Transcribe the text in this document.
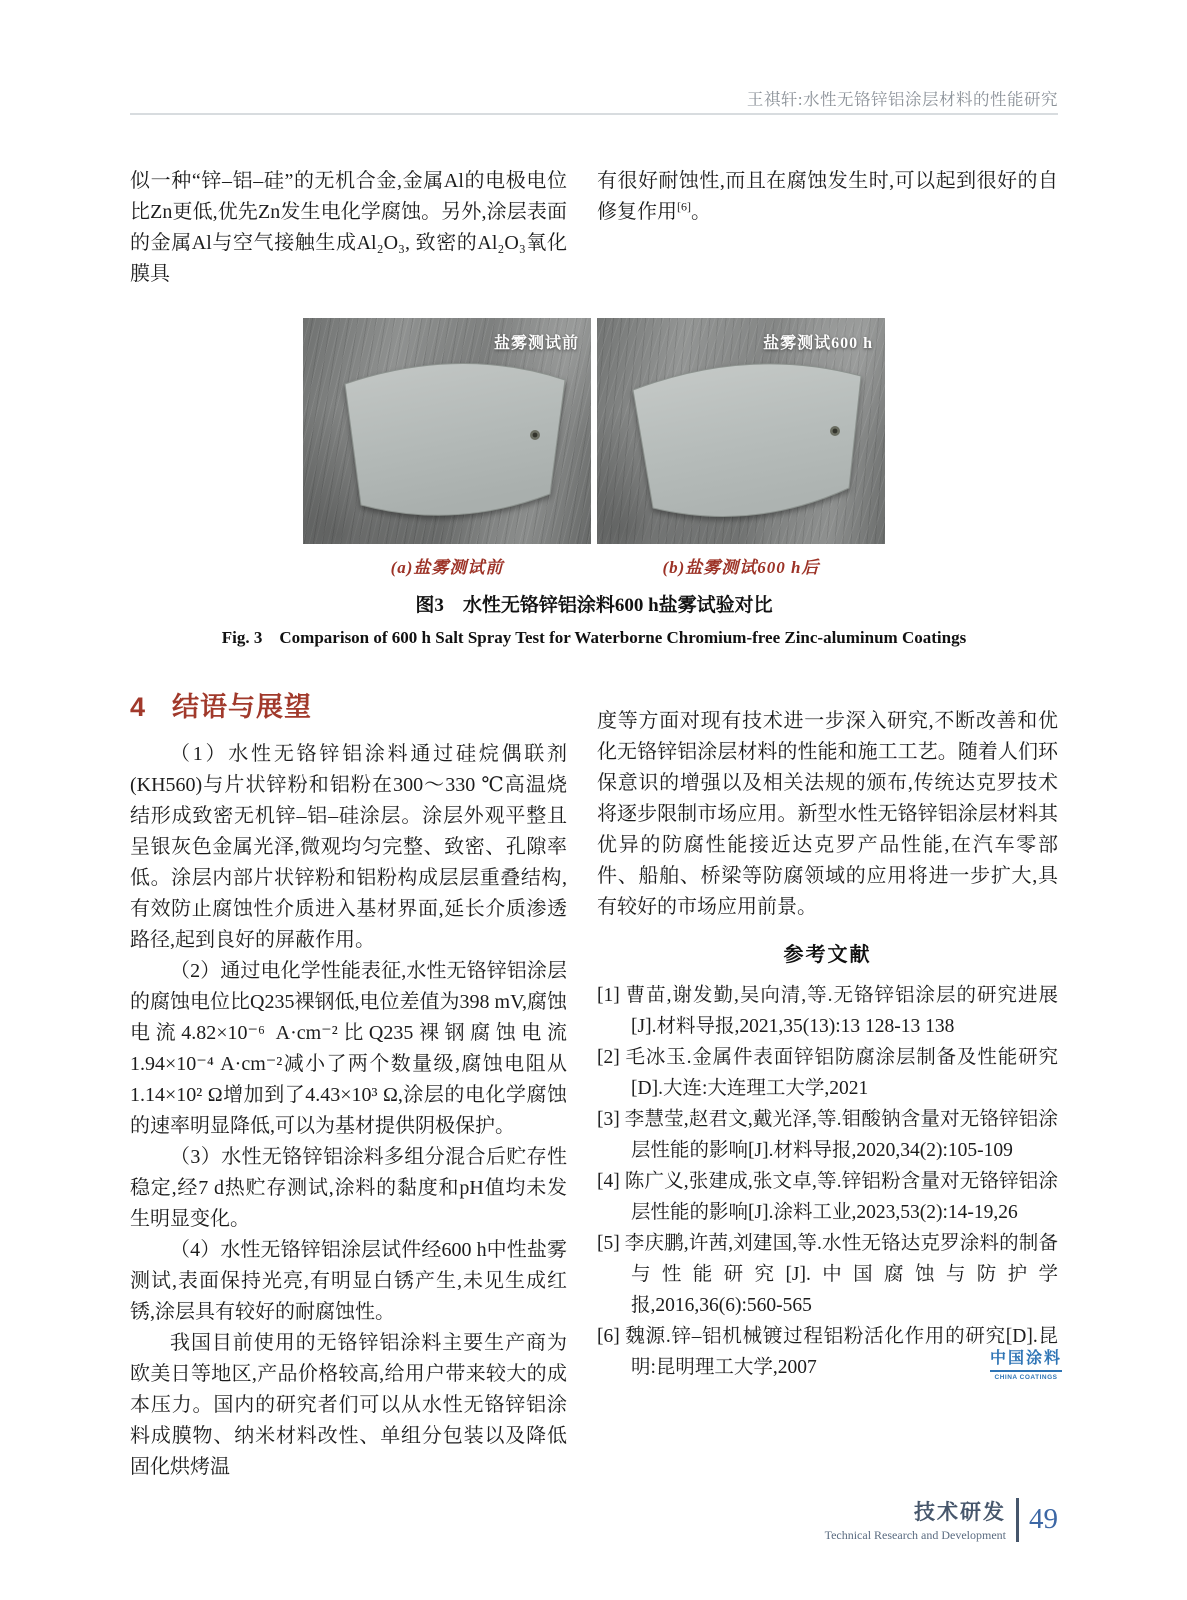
王祺轩:水性无铬锌铝涂层材料的性能研究

似一种“锌–铝–硅”的无机合金,金属Al的电极电位比Zn更低,优先Zn发生电化学腐蚀。另外,涂层表面的金属Al与空气接触生成Al₂O₃, 致密的Al₂O₃氧化膜具

有很好耐蚀性,而且在腐蚀发生时,可以起到很好的自修复作用[6]。

盐雾测试前	盐雾测试600 h
(a)盐雾测试前	(b)盐雾测试600 h后
图3　水性无铬锌铝涂料600 h盐雾试验对比
Fig. 3　Comparison of 600 h Salt Spray Test for Waterborne Chromium-free Zinc-aluminum Coatings
4 结语与展望

（1）水性无铬锌铝涂料通过硅烷偶联剂(KH560)与片状锌粉和铝粉在300～330 ℃高温烧结形成致密无机锌–铝–硅涂层。涂层外观平整且呈银灰色金属光泽,微观均匀完整、致密、孔隙率低。涂层内部片状锌粉和铝粉构成层层重叠结构,有效防止腐蚀性介质进入基材界面,延长介质渗透路径,起到良好的屏蔽作用。

（2）通过电化学性能表征,水性无铬锌铝涂层的腐蚀电位比Q235裸钢低,电位差值为398 mV,腐蚀电流4.82×10⁻⁶ A·cm⁻²比Q235裸钢腐蚀电流1.94×10⁻⁴ A·cm⁻²减小了两个数量级,腐蚀电阻从1.14×10² Ω增加到了4.43×10³ Ω,涂层的电化学腐蚀的速率明显降低,可以为基材提供阴极保护。

（3）水性无铬锌铝涂料多组分混合后贮存性稳定,经7 d热贮存测试,涂料的黏度和pH值均未发生明显变化。

（4）水性无铬锌铝涂层试件经600 h中性盐雾测试,表面保持光亮,有明显白锈产生,未见生成红锈,涂层具有较好的耐腐蚀性。

我国目前使用的无铬锌铝涂料主要生产商为欧美日等地区,产品价格较高,给用户带来较大的成本压力。国内的研究者们可以从水性无铬锌铝涂料成膜物、纳米材料改性、单组分包装以及降低固化烘烤温

度等方面对现有技术进一步深入研究,不断改善和优化无铬锌铝涂层材料的性能和施工工艺。随着人们环保意识的增强以及相关法规的颁布,传统达克罗技术将逐步限制市场应用。新型水性无铬锌铝涂层材料其优异的防腐性能接近达克罗产品性能,在汽车零部件、船舶、桥梁等防腐领域的应用将进一步扩大,具有较好的市场应用前景。

参考文献
[1] 曹苗,谢发勤,吴向清,等.无铬锌铝涂层的研究进展[J].材料导报,2021,35(13):13 128-13 138
[2] 毛冰玉.金属件表面锌铝防腐涂层制备及性能研究[D].大连:大连理工大学,2021
[3] 李慧莹,赵君文,戴光泽,等.钼酸钠含量对无铬锌铝涂层性能的影响[J].材料导报,2020,34(2):105-109
[4] 陈广义,张建成,张文卓,等.锌铝粉含量对无铬锌铝涂层性能的影响[J].涂料工业,2023,53(2):14-19,26
[5] 李庆鹏,许茜,刘建国,等.水性无铬达克罗涂料的制备与性能研究[J].中国腐蚀与防护学报,2016,36(6):560-565
[6] 魏源.锌–铝机械镀过程铝粉活化作用的研究[D].昆明:昆明理工大学,2007	中国涂料
CHINA COATINGS
技术研发
Technical Research and Development 49
